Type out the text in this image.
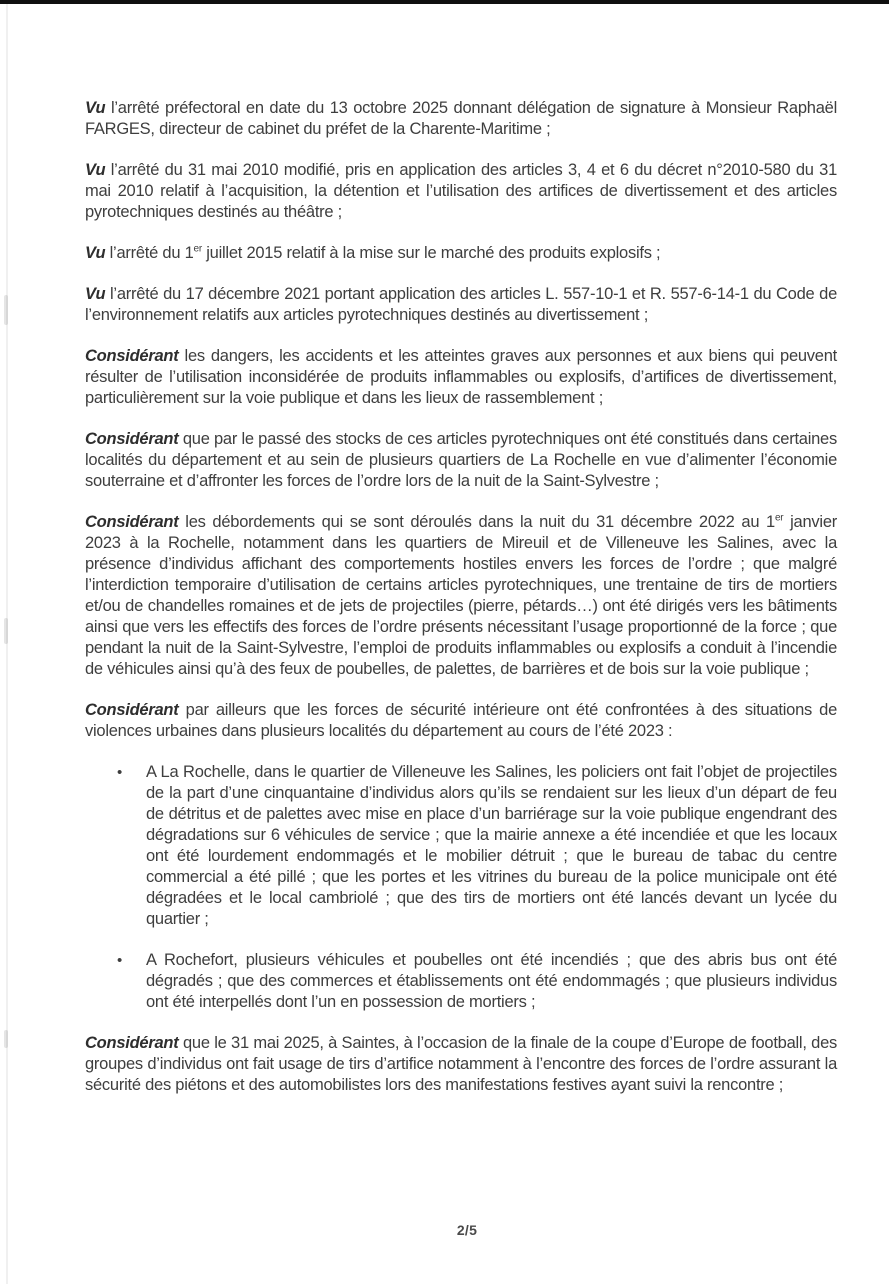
Vu l’arrêté préfectoral en date du 13 octobre 2025 donnant délégation de signature à Monsieur Raphaël FARGES, directeur de cabinet du préfet de la Charente-Maritime ;

Vu l’arrêté du 31 mai 2010 modifié, pris en application des articles 3, 4 et 6 du décret n°2010-580 du 31 mai 2010 relatif à l’acquisition, la détention et l’utilisation des artifices de divertissement et des articles pyrotechniques destinés au théâtre ;

Vu l’arrêté du 1er juillet 2015 relatif à la mise sur le marché des produits explosifs ;

Vu l’arrêté du 17 décembre 2021 portant application des articles L. 557-10-1 et R. 557-6-14-1 du Code de l’environnement relatifs aux articles pyrotechniques destinés au divertissement ;

Considérant les dangers, les accidents et les atteintes graves aux personnes et aux biens qui peuvent résulter de l’utilisation inconsidérée de produits inflammables ou explosifs, d’artifices de divertissement, particulièrement sur la voie publique et dans les lieux de rassemblement ;

Considérant que par le passé des stocks de ces articles pyrotechniques ont été constitués dans certaines localités du département et au sein de plusieurs quartiers de La Rochelle en vue d’alimenter l’économie souterraine et d’affronter les forces de l’ordre lors de la nuit de la Saint-Sylvestre ;

Considérant les débordements qui se sont déroulés dans la nuit du 31 décembre 2022 au 1er janvier 2023 à la Rochelle, notamment dans les quartiers de Mireuil et de Villeneuve les Salines, avec la présence d’individus affichant des comportements hostiles envers les forces de l’ordre ; que malgré l’interdiction temporaire d’utilisation de certains articles pyrotechniques, une trentaine de tirs de mortiers et/ou de chandelles romaines et de jets de projectiles (pierre, pétards…) ont été dirigés vers les bâtiments ainsi que vers les effectifs des forces de l’ordre présents nécessitant l’usage proportionné de la force ; que pendant la nuit de la Saint-Sylvestre, l’emploi de produits inflammables ou explosifs a conduit à l’incendie de véhicules ainsi qu’à des feux de poubelles, de palettes, de barrières et de bois sur la voie publique ;

Considérant par ailleurs que les forces de sécurité intérieure ont été confrontées à des situations de violences urbaines dans plusieurs localités du département au cours de l’été 2023 :

• A La Rochelle, dans le quartier de Villeneuve les Salines, les policiers ont fait l’objet de projectiles de la part d’une cinquantaine d’individus alors qu’ils se rendaient sur les lieux d’un départ de feu de détritus et de palettes avec mise en place d’un barriérage sur la voie publique engendrant des dégradations sur 6 véhicules de service ; que la mairie annexe a été incendiée et que les locaux ont été lourdement endommagés et le mobilier détruit ; que le bureau de tabac du centre commercial a été pillé ; que les portes et les vitrines du bureau de la police municipale ont été dégradées et le local cambriolé ; que des tirs de mortiers ont été lancés devant un lycée du quartier ;

• A Rochefort, plusieurs véhicules et poubelles ont été incendiés ; que des abris bus ont été dégradés ; que des commerces et établissements ont été endommagés ; que plusieurs individus ont été interpellés dont l’un en possession de mortiers ;

Considérant que le 31 mai 2025, à Saintes, à l’occasion de la finale de la coupe d’Europe de football, des groupes d’individus ont fait usage de tirs d’artifice notamment à l’encontre des forces de l’ordre assurant la sécurité des piétons et des automobilistes lors des manifestations festives ayant suivi la rencontre ;

2/5
